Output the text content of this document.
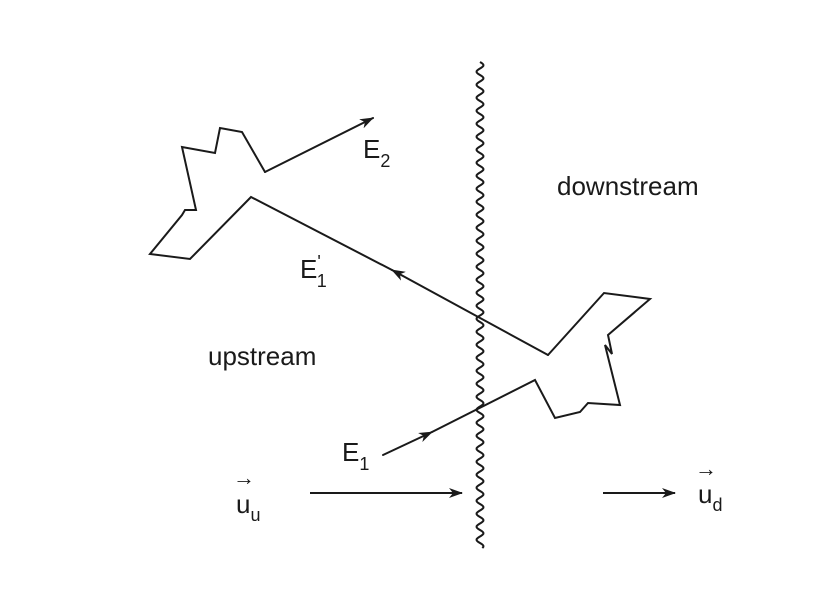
downstream
upstream
$E_2$
E' 1
$E_1$
→
$u_u$
→
$u_d$
